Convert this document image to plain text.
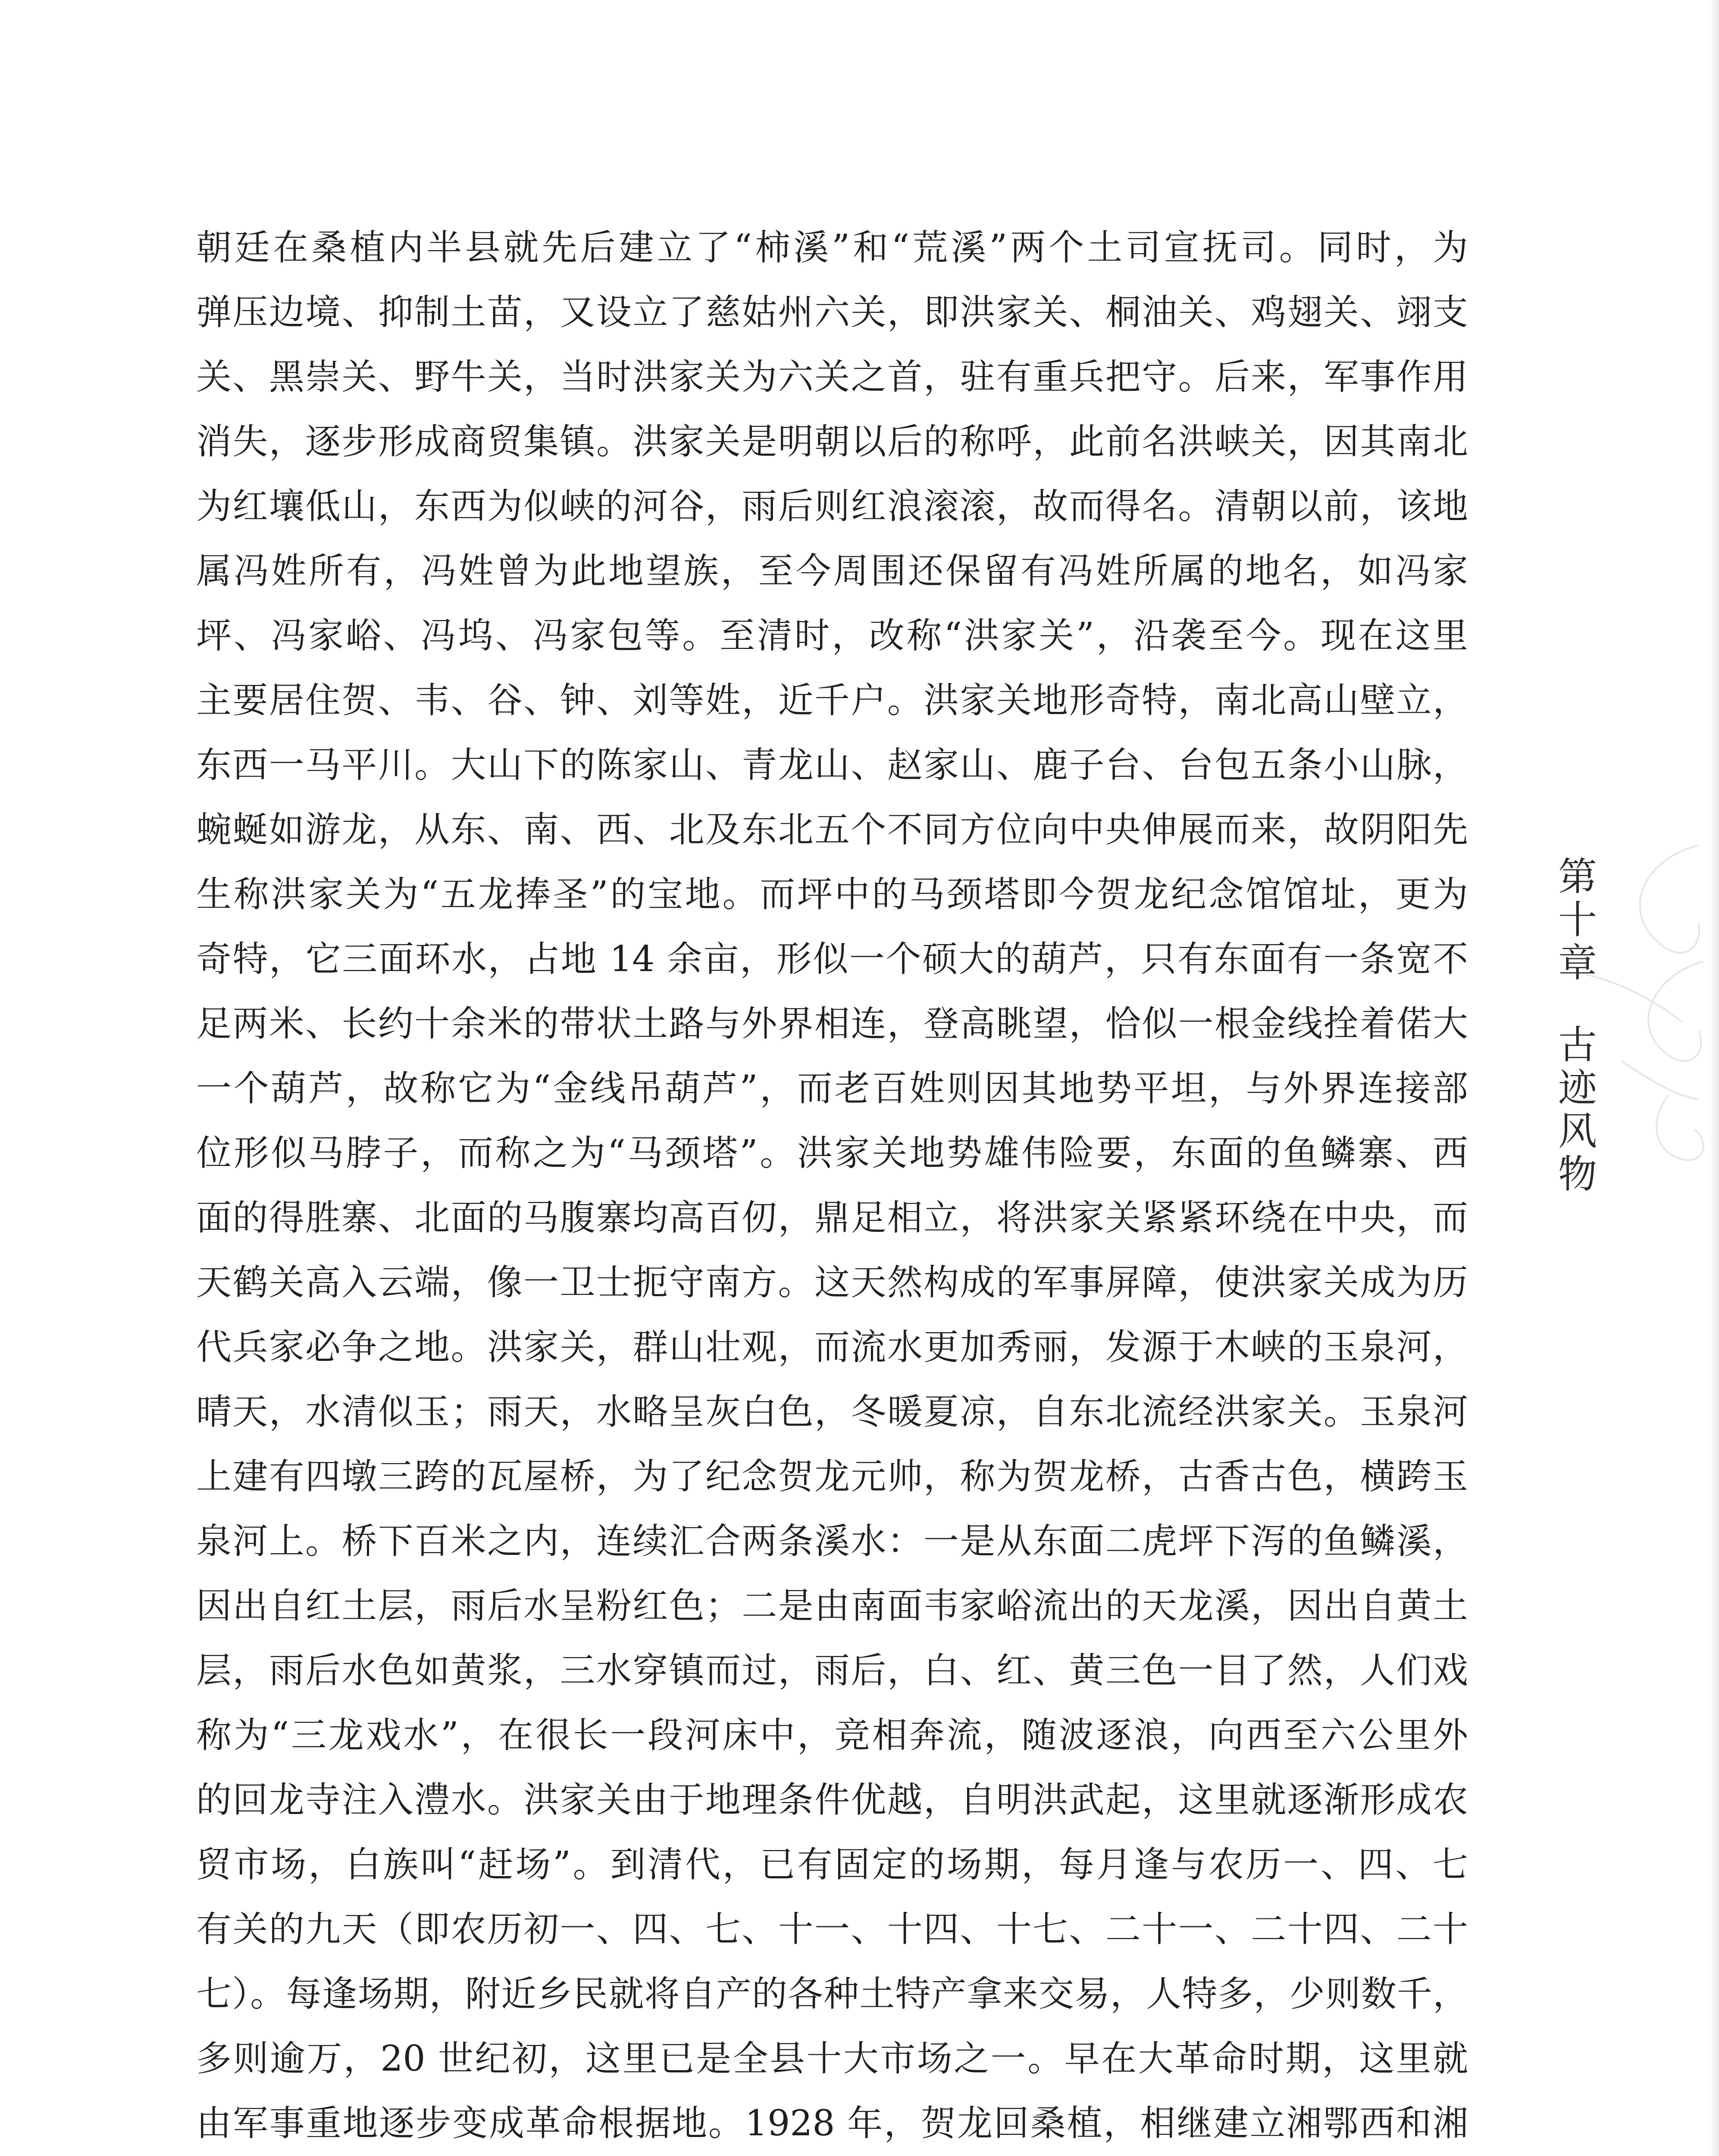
朝廷在桑植内半县就先后建立了“柿溪”和“荒溪”两个土司宣抚司。同时，为
弹压边境、抑制土苗，又设立了慈姑州六关，即洪家关、桐油关、鸡翅关、翊支
关、黑崇关、野牛关，当时洪家关为六关之首，驻有重兵把守。后来，军事作用
消失，逐步形成商贸集镇。洪家关是明朝以后的称呼，此前名洪峡关，因其南北
为红壤低山，东西为似峡的河谷，雨后则红浪滚滚，故而得名。清朝以前，该地
属冯姓所有，冯姓曾为此地望族，至今周围还保留有冯姓所属的地名，如冯家
坪、冯家峪、冯坞、冯家包等。至清时，改称“洪家关”，沿袭至今。现在这里
主要居住贺、韦、谷、钟、刘等姓，近千户。洪家关地形奇特，南北高山壁立，
东西一马平川。大山下的陈家山、青龙山、赵家山、鹿子台、台包五条小山脉，
蜿蜒如游龙，从东、南、西、北及东北五个不同方位向中央伸展而来，故阴阳先
生称洪家关为“五龙捧圣”的宝地。而坪中的马颈塔即今贺龙纪念馆馆址，更为
奇特，它三面环水，占地 14 余亩，形似一个硕大的葫芦，只有东面有一条宽不
足两米、长约十余米的带状土路与外界相连，登高眺望，恰似一根金线拴着偌大
一个葫芦，故称它为“金线吊葫芦”，而老百姓则因其地势平坦，与外界连接部
位形似马脖子，而称之为“马颈塔”。洪家关地势雄伟险要，东面的鱼鳞寨、西
面的得胜寨、北面的马腹寨均高百仞，鼎足相立，将洪家关紧紧环绕在中央，而
天鹤关高入云端，像一卫士扼守南方。这天然构成的军事屏障，使洪家关成为历
代兵家必争之地。洪家关，群山壮观，而流水更加秀丽，发源于木峡的玉泉河，
晴天，水清似玉；雨天，水略呈灰白色，冬暖夏凉，自东北流经洪家关。玉泉河
上建有四墩三跨的瓦屋桥，为了纪念贺龙元帅，称为贺龙桥，古香古色，横跨玉
泉河上。桥下百米之内，连续汇合两条溪水：一是从东面二虎坪下泻的鱼鳞溪，
因出自红土层，雨后水呈粉红色；二是由南面韦家峪流出的天龙溪，因出自黄土
层，雨后水色如黄浆，三水穿镇而过，雨后，白、红、黄三色一目了然，人们戏
称为“三龙戏水”，在很长一段河床中，竞相奔流，随波逐浪，向西至六公里外
的回龙寺注入澧水。洪家关由于地理条件优越，自明洪武起，这里就逐渐形成农
贸市场，白族叫“赶场”。到清代，已有固定的场期，每月逢与农历一、四、七
有关的九天（即农历初一、四、七、十一、十四、十七、二十一、二十四、二十
七）。每逢场期，附近乡民就将自产的各种土特产拿来交易，人特多，少则数千，
多则逾万，20 世纪初，这里已是全县十大市场之一。早在大革命时期，这里就
由军事重地逐步变成革命根据地。1928 年，贺龙回桑植，相继建立湘鄂西和湘
第十章古迹风物
